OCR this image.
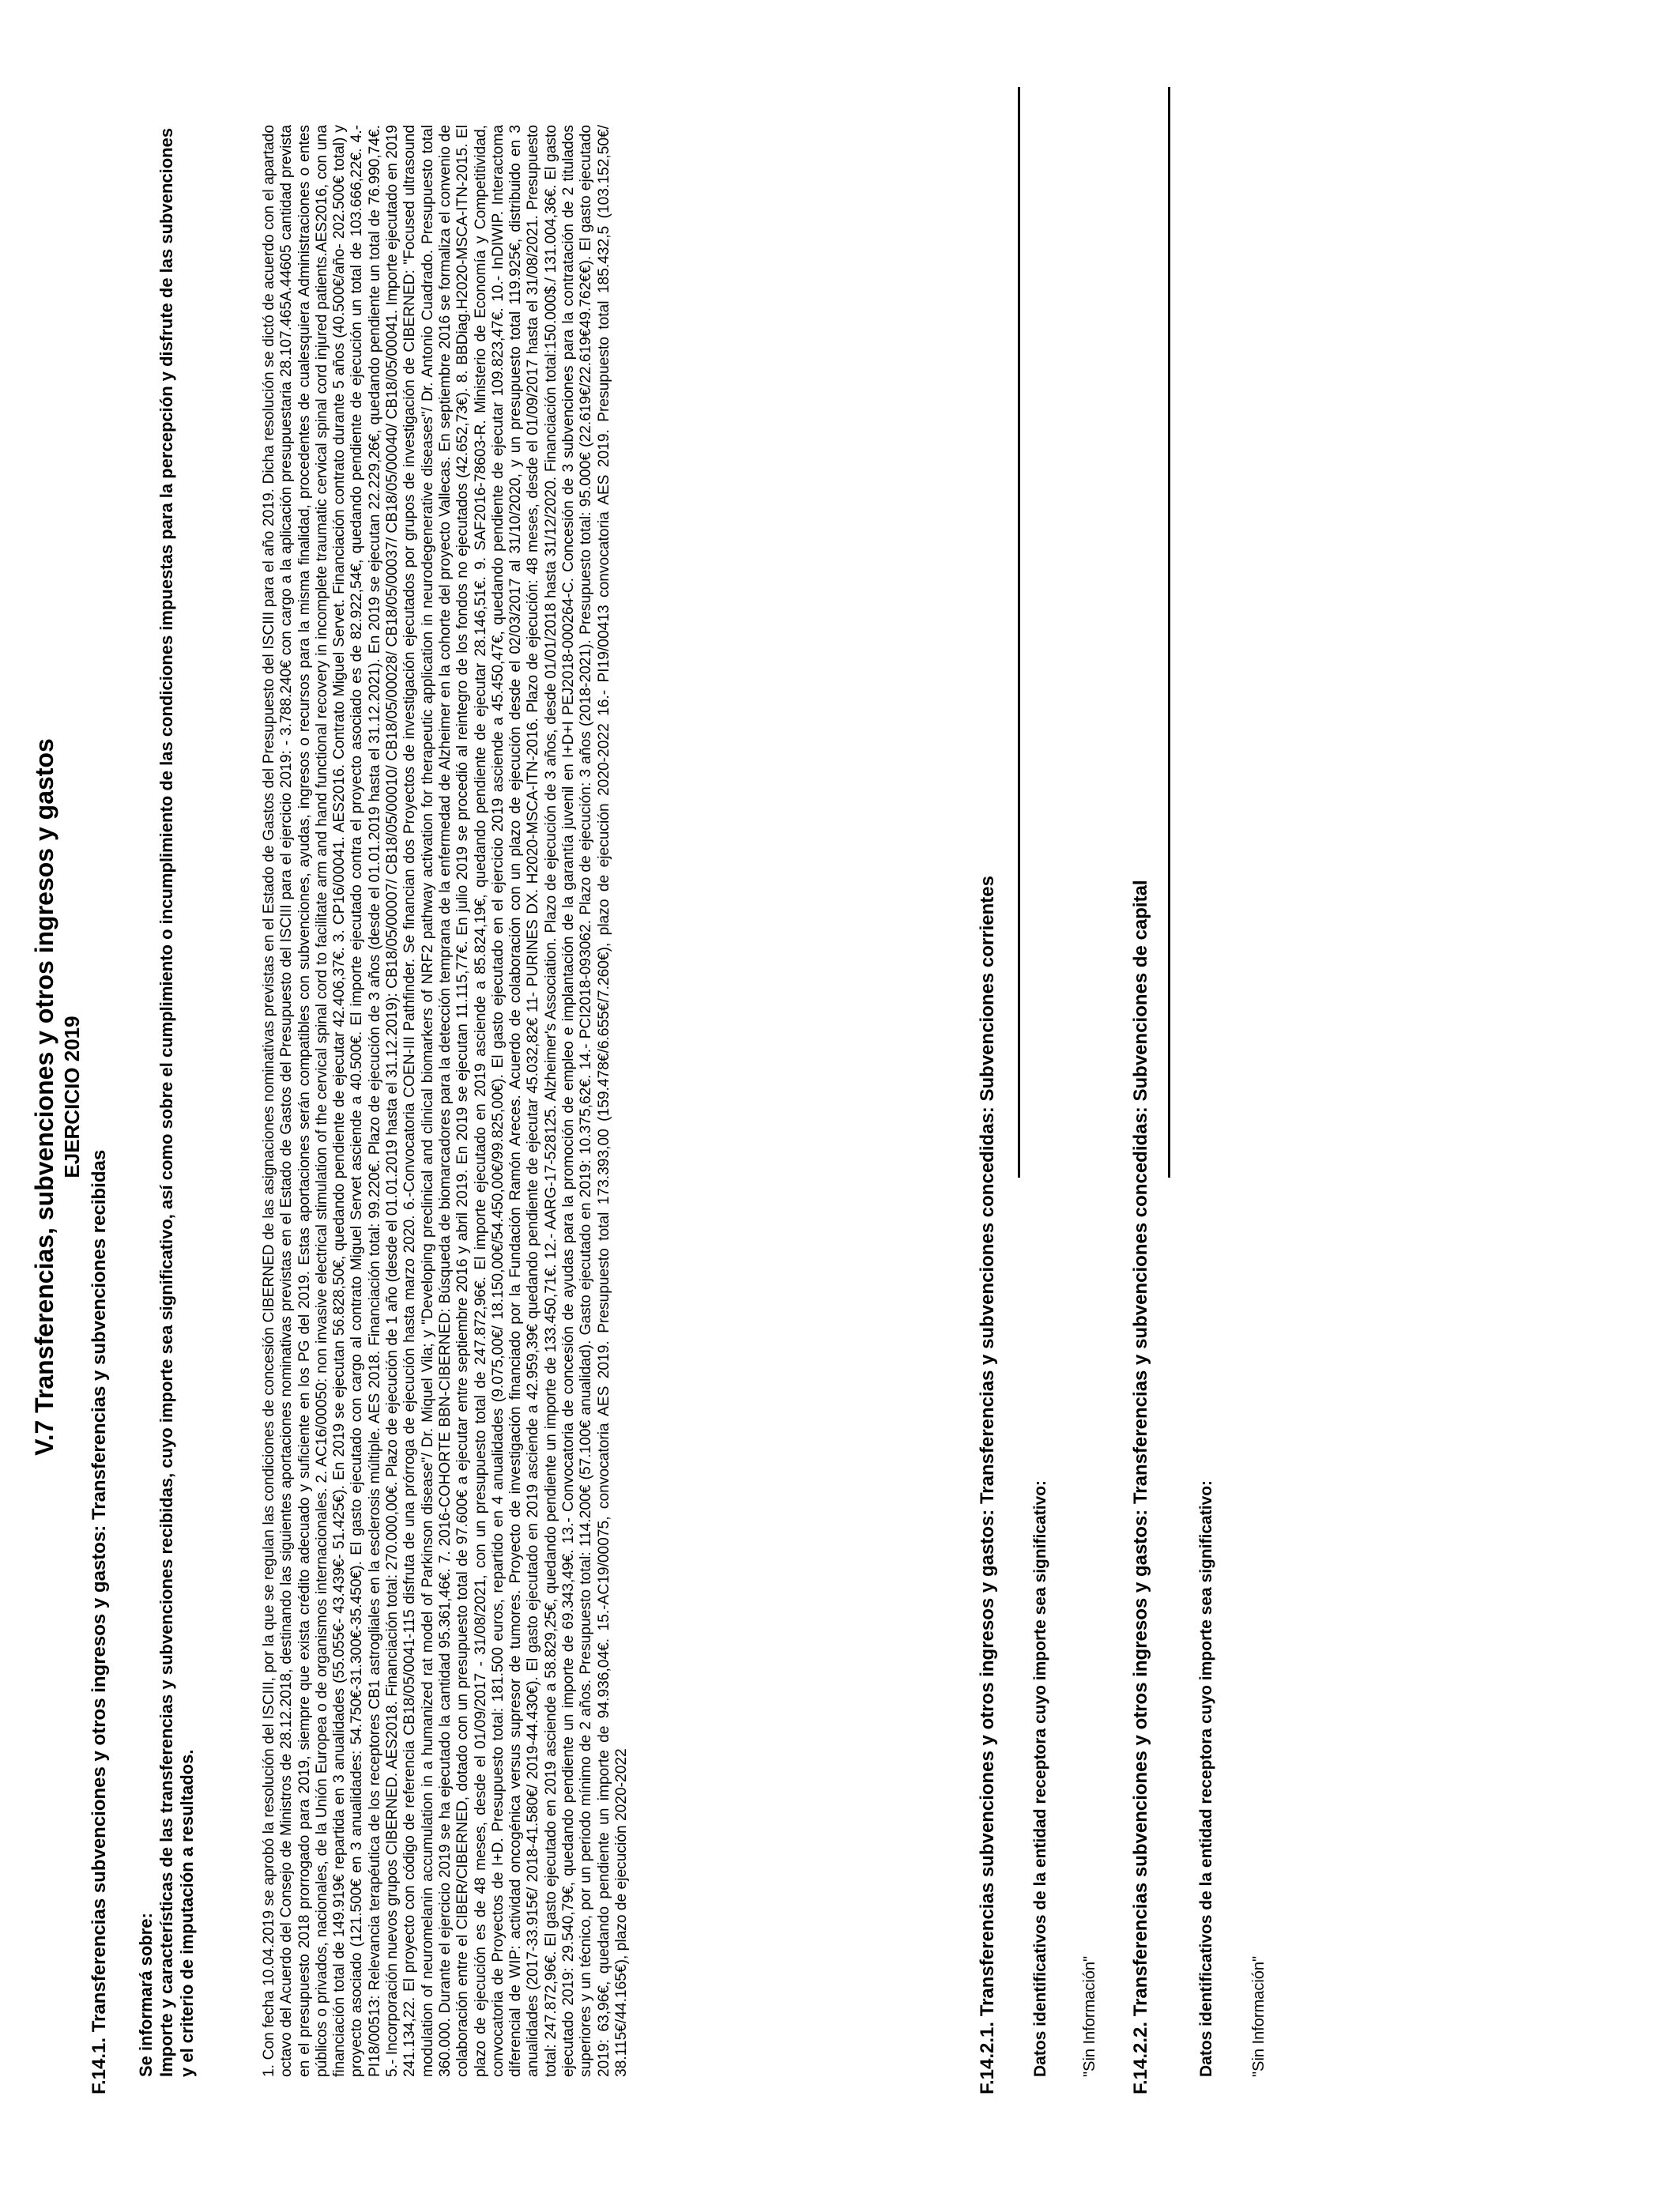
V.7 Transferencias, subvenciones y otros ingresos y gastos EJERCICIO 2019
F.14.1. Transferencias subvenciones y otros ingresos y gastos: Transferencias y subvenciones recibidas Se informará sobre: Importe y características de las transferencias y subvenciones recibidas, cuyo importe sea significativo, así como sobre el cumplimiento o incumplimiento de las condiciones impuestas para la percepción y disfrute de las subvenciones y el criterio de imputación a resultados.	1. Con fecha 10.04.2019 se aprobó la resolución del ISCIII, por la que se regulan las condiciones de concesión CIBERNED de las asignaciones nominativas previstas en el Estado de Gastos del Presupuesto del ISCIII para el año 2019. Dicha resolución se dictó de acuerdo con el apartado octavo del Acuerdo del Consejo de Ministros de 28.12.2018, destinando las siguientes aportaciones nominativas previstas en el Estado de Gastos del Presupuesto del ISCIII para el ejercicio 2019: - 3.788.240€ con cargo a la aplicación presupuestaria 28.107.465A.44605 cantidad prevista en el presupuesto 2018 prorrogado para 2019, siempre que exista crédito adecuado y suficiente en los PG del 2019. Estas aportaciones serán compatibles con subvenciones, ayudas, ingresos o recursos para la misma finalidad, procedentes de cualesquiera Administraciones o entes públicos o privados, nacionales, de la Unión Europea o de organismos internacionales. 2. AC16/00050: non invasive electrical stimulation of the cervical spinal cord to facilitate arm and hand functional recovery in incomplete traumatic cervical spinal cord injured patients.AES2016, con una financiación total de 149.919€ repartida en 3 anualidades (55.055€- 43.439€- 51.425€). En 2019 se ejecutan 56.828,50€, quedando pendiente de ejecutar 42.406,37€. 3. CP16/00041. AES2016. Contrato Miguel Servet. Financiación contrato durante 5 años (40.500€/año- 202.500€ total) y proyecto asociado (121.500€ en 3 anualidades: 54.750€-31.300€-35.450€). El gasto ejecutado con cargo al contrato Miguel Servet asciende a 40.500€. El importe ejecutado contra el proyecto asociado es de 82.922,54€, quedando pendiente de ejecución un total de 103.666,22€. 4.- PI18/00513: Relevancia terapéutica de los receptores CB1 astrogliales en la esclerosis múltiple. AES 2018. Financiación total: 99.220€. Plazo de ejecución de 3 años (desde el 01.01.2019 hasta el 31.12.2021). En 2019 se ejecutan 22.229,26€, quedando pendiente un total de 76.990,74€. 5.- Incorporación nuevos grupos CIBERNED. AES2018. Financiación total: 270.000,00€. Plazo de ejecución de 1 año (desde el 01.01.2019 hasta el 31.12.2019): CB18/05/00007/ CB18/05/00010/ CB18/05/00028/ CB18/05/00037/ CB18/05/00040/ CB18/05/00041. Importe ejecutado en 2019 241.134,22. El proyecto con código de referencia CB18/05/0041-115 disfruta de una prórroga de ejecución hasta marzo 2020. 6.-Convocatoria COEN-III Pathfinder. Se financian dos Proyectos de investigación ejecutados por grupos de investigación de CIBERNED: "Focused ultrasound modulation of neuromelanin accumulation in a humanized rat model of Parkinson disease"/ Dr. Miquel Vila; y "Developing preclinical and clinical biomarkers of NRF2 pathway activation for therapeutic application in neurodegenerative diseases"/ Dr. Antonio Cuadrado. Presupuesto total 360.000. Durante el ejercicio 2019 se ha ejecutado la cantidad 95.361,46€. 7. 2016-COHORTE BBN-CIBERNED: Búsqueda de biomarcadores para la detección temprana de la enfermedad de Alzheimer en la cohorte del proyecto Vallecas. En septiembre 2016 se formaliza el convenio de colaboración entre el CIBER/CIBERNED, dotado con un presupuesto total de 97.600€ a ejecutar entre septiembre 2016 y abril 2019. En 2019 se ejecutan 11.115,77€. En julio 2019 se procedió al reintegro de los fondos no ejecutados (42.652,73€). 8. BBDiag.H2020-MSCA-ITN-2015. El plazo de ejecución es de 48 meses, desde el 01/09/2017 - 31/08/2021, con un presupuesto total de 247.872,96€. El importe ejecutado en 2019 asciende a 85.824,19€, quedando pendiente de ejecutar 28.146,51€. 9. SAF2016-78603-R. Ministerio de Economía y Competitividad, convocatoria de Proyectos de I+D. Presupuesto total: 181.500 euros, repartido en 4 anualidades (9.075,00€/ 18.150,00€/54.450,00€/99.825,00€). El gasto ejecutado en el ejercicio 2019 asciende a 45.450,47€, quedando pendiente de ejecutar 109.823,47€. 10.- InDIWIP. Interactoma diferencial de WIP: actividad oncogénica versus supresor de tumores. Proyecto de investigación financiado por la Fundación Ramón Areces. Acuerdo de colaboración con un plazo de ejecución desde el 02/03/2017 al 31/10/2020, y un presupuesto total 119.925€, distribuido en 3 anualidades (2017-33.915€/ 2018-41.580€/ 2019-44.430€). El gasto ejecutado en 2019 asciende a 42.959,39€ quedando pendiente de ejecutar 45.032,82€ 11- PURINES DX. H2020-MSCA-ITN-2016. Plazo de ejecución: 48 meses, desde el 01/09/2017 hasta el 31/08/2021. Presupuesto total: 247.872,96€. El gasto ejecutado en 2019 asciende a 58.829,25€, quedando pendiente un importe de 133.450,71€. 12.- AARG-17-528125. Alzheimer's Association. Plazo de ejecución de 3 años, desde 01/01/2018 hasta 31/12/2020. Financiación total:150.000$./ 131.004,36€. El gasto ejecutado 2019: 29.540,79€, quedando pendiente un importe de 69.343,49€. 13.- Convocatoria de concesión de ayudas para la promoción de empleo e implantación de la garantía juvenil en I+D+I PEJ2018-000264-C. Concesión de 3 subvenciones para la contratación de 2 titulados superiores y un técnico, por un periodo mínimo de 2 años. Presupuesto total: 114.200€ (57.100€ anualidad). Gasto ejecutado en 2019: 10.375,62€. 14.- PCI2018-093062. Plazo de ejecución: 3 años (2018-2021). Presupuesto total: 95.000€ (22.619€/22.619€49.762€€). El gasto ejecutado 2019: 63,96€, quedando pendiente un importe de 94.936,04€. 15.-AC19/00075, convocatoria AES 2019. Presupuesto total 173.393,00 (159.478€/6.655€/7.260€), plazo de ejecución 2020-2022 16.- PI19/00413 convocatoria AES 2019. Presupuesto total 185.432,5 (103.152,50€/ 38.115€/44.165€), plazo de ejecución 2020-2022	F.14.2.1. Transferencias subvenciones y otros ingresos y gastos: Transferencias y subvenciones concedidas: Subvenciones corrientes Datos identificativos de la entidad receptora cuyo importe sea significativo: "Sin Información" F.14.2.2. Transferencias subvenciones y otros ingresos y gastos: Transferencias y subvenciones concedidas: Subvenciones de capital	Datos identificativos de la entidad receptora cuyo importe sea significativo: "Sin Información"
